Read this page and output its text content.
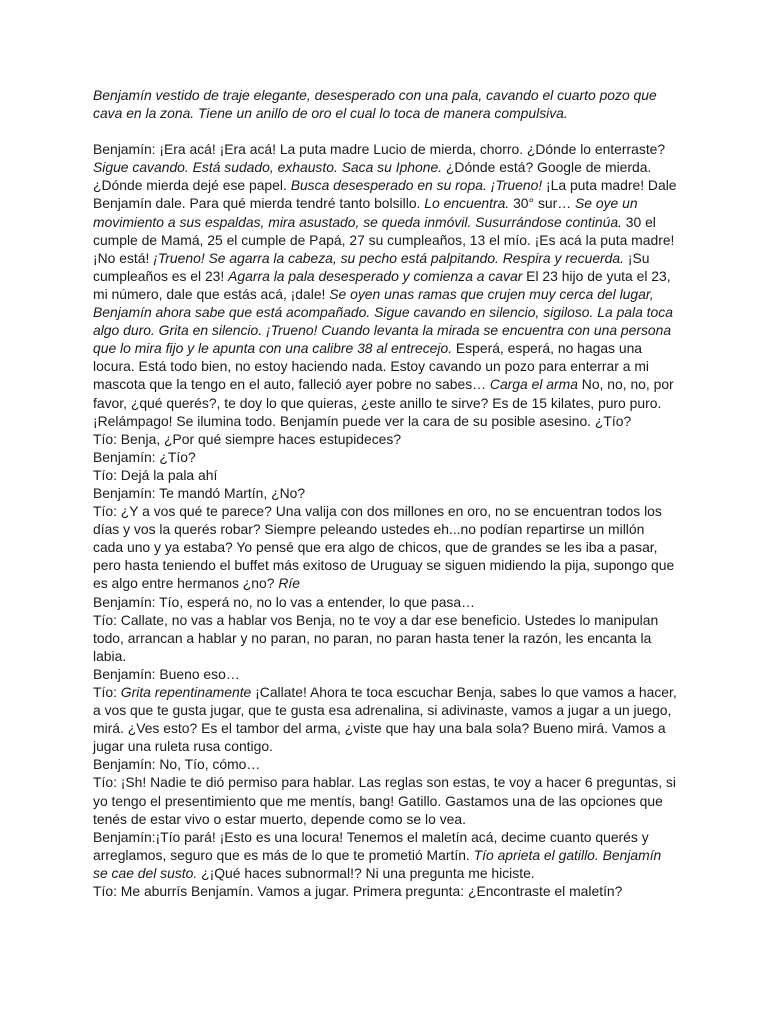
Benjamín vestido de traje elegante, desesperado con una pala, cavando el cuarto pozo que cava en la zona. Tiene un anillo de oro el cual lo toca de manera compulsiva.

Benjamín: ¡Era acá! ¡Era acá! La puta madre Lucio de mierda, chorro. ¿Dónde lo enterraste? Sigue cavando. Está sudado, exhausto. Saca su Iphone. ¿Dónde está? Google de mierda. ¿Dónde mierda dejé ese papel. Busca desesperado en su ropa. ¡Trueno! ¡La puta madre! Dale Benjamín dale. Para qué mierda tendré tanto bolsillo. Lo encuentra. 30° sur… Se oye un movimiento a sus espaldas, mira asustado, se queda inmóvil. Susurrándose continúa. 30 el cumple de Mamá, 25 el cumple de Papá, 27 su cumpleaños, 13 el mío. ¡Es acá la puta madre! ¡No está! ¡Trueno! Se agarra la cabeza, su pecho está palpitando. Respira y recuerda. ¡Su cumpleaños es el 23! Agarra la pala desesperado y comienza a cavar El 23 hijo de yuta el 23, mi número, dale que estás acá, ¡dale! Se oyen unas ramas que crujen muy cerca del lugar, Benjamín ahora sabe que está acompañado. Sigue cavando en silencio, sigiloso. La pala toca algo duro. Grita en silencio. ¡Trueno! Cuando levanta la mirada se encuentra con una persona que lo mira fijo y le apunta con una calibre 38 al entrecejo. Esperá, esperá, no hagas una locura. Está todo bien, no estoy haciendo nada. Estoy cavando un pozo para enterrar a mi mascota que la tengo en el auto, falleció ayer pobre no sabes… Carga el arma No, no, no, por favor, ¿qué querés?, te doy lo que quieras, ¿este anillo te sirve? Es de 15 kilates, puro puro. ¡Relámpago! Se ilumina todo. Benjamín puede ver la cara de su posible asesino. ¿Tío?

Tío: Benja, ¿Por qué siempre haces estupideces?

Benjamín: ¿Tío?

Tío: Dejá la pala ahí

Benjamín: Te mandó Martín, ¿No?

Tío: ¿Y a vos qué te parece? Una valija con dos millones en oro, no se encuentran todos los días y vos la querés robar? Siempre peleando ustedes eh...no podían repartirse un millón cada uno y ya estaba? Yo pensé que era algo de chicos, que de grandes se les iba a pasar, pero hasta teniendo el buffet más exitoso de Uruguay se siguen midiendo la pija, supongo que es algo entre hermanos ¿no? Ríe

Benjamín: Tío, esperá no, no lo vas a entender, lo que pasa…

Tío: Callate, no vas a hablar vos Benja, no te voy a dar ese beneficio. Ustedes lo manipulan todo, arrancan a hablar y no paran, no paran, no paran hasta tener la razón, les encanta la labia.

Benjamín: Bueno eso…

Tío: Grita repentinamente ¡Callate! Ahora te toca escuchar Benja, sabes lo que vamos a hacer, a vos que te gusta jugar, que te gusta esa adrenalina, si adivinaste, vamos a jugar a un juego, mirá. ¿Ves esto? Es el tambor del arma, ¿viste que hay una bala sola? Bueno mirá. Vamos a jugar una ruleta rusa contigo.

Benjamín: No, Tío, cómo…

Tío: ¡Sh! Nadie te dió permiso para hablar. Las reglas son estas, te voy a hacer 6 preguntas, si yo tengo el presentimiento que me mentís, bang! Gatillo. Gastamos una de las opciones que tenés de estar vivo o estar muerto, depende como se lo vea.

Benjamín:¡Tío pará! ¡Esto es una locura! Tenemos el maletín acá, decime cuanto querés y arreglamos, seguro que es más de lo que te prometió Martín. Tío aprieta el gatillo. Benjamín se cae del susto. ¿¡Qué haces subnormal!? Ni una pregunta me hiciste.

Tío: Me aburrís Benjamín. Vamos a jugar. Primera pregunta: ¿Encontraste el maletín?
